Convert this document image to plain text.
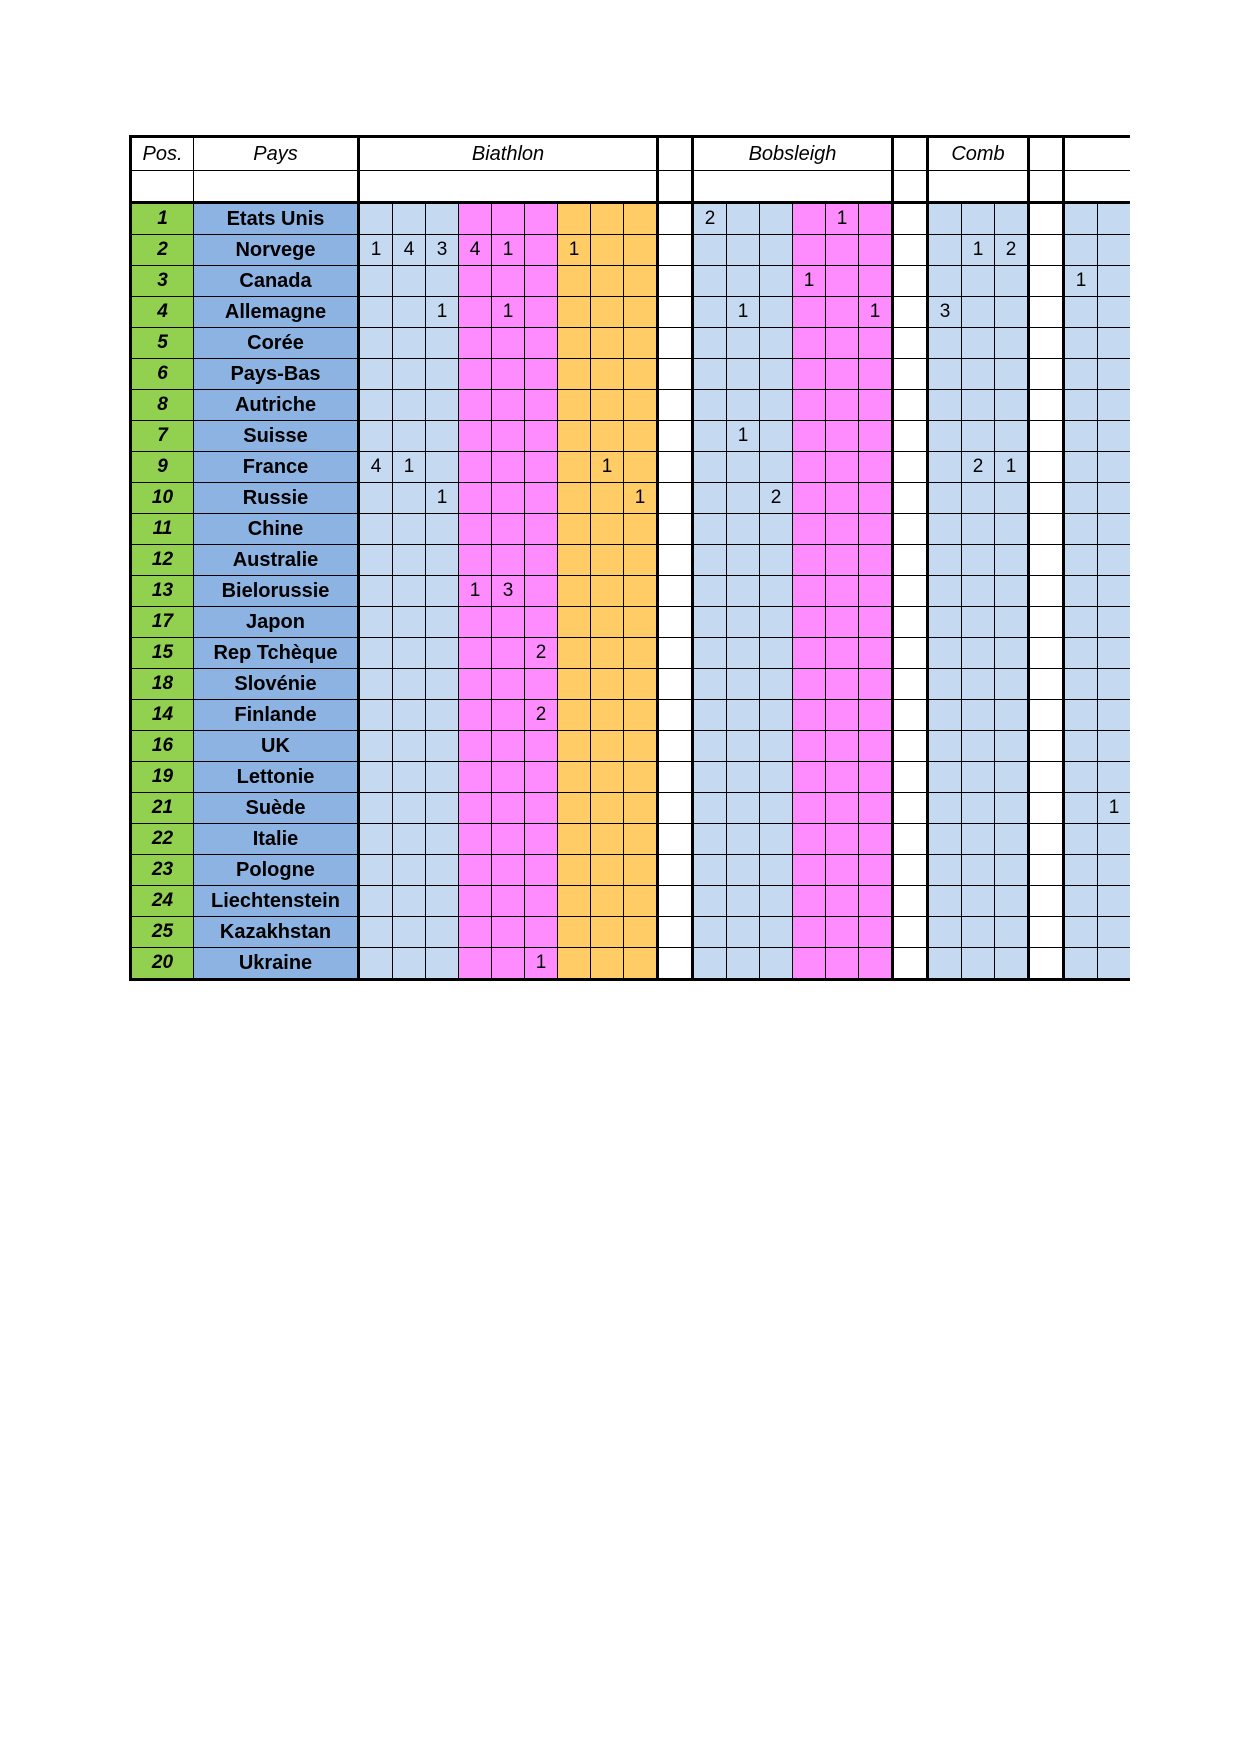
Pos.	Pays	Biathlon										Bobsleigh							Comb					

1	Etats Unis											2				1								
2	Norvege	1	4	3	4	1		1												1	2			
3	Canada														1								1	
4	Allemagne			1		1							1				1		3					
5	Corée																							
6	Pays-Bas																							
8	Autriche																							
7	Suisse												1											
9	France	4	1						1											2	1			
10	Russie			1						1				2										
11	Chine																							
12	Australie																							
13	Bielorussie				1	3																		
17	Japon																							
15	Rep Tchèque						2																	
18	Slovénie																							
14	Finlande						2																	
16	UK																							
19	Lettonie																							
21	Suède																							1
22	Italie																							
23	Pologne																							
24	Liechtenstein																							
25	Kazakhstan																							
20	Ukraine						1																	
